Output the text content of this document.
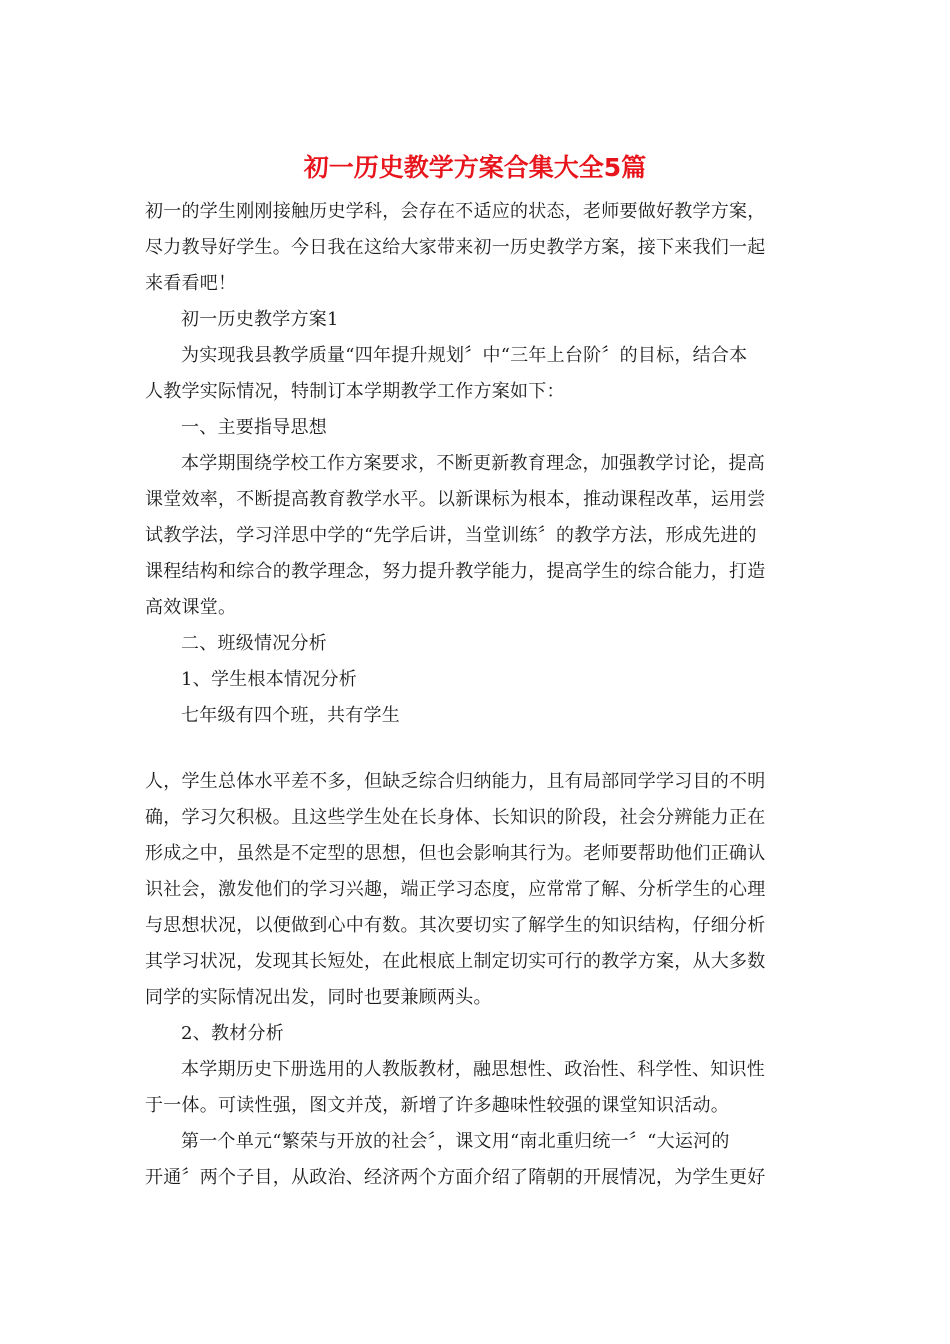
初一历史教学方案合集大全5篇
初一的学生刚刚接触历史学科，会存在不适应的状态，老师要做好教学方案，
尽力教导好学生。今日我在这给大家带来初一历史教学方案，接下来我们一起
来看看吧！
初一历史教学方案1
为实现我县教学质量“四年提升规划〞中“三年上台阶〞的目标，结合本
人教学实际情况，特制订本学期教学工作方案如下：
一、主要指导思想
本学期围绕学校工作方案要求，不断更新教育理念，加强教学讨论，提高
课堂效率，不断提高教育教学水平。以新课标为根本，推动课程改革，运用尝
试教学法，学习洋思中学的“先学后讲，当堂训练〞的教学方法，形成先进的
课程结构和综合的教学理念，努力提升教学能力，提高学生的综合能力，打造
高效课堂。
二、班级情况分析
1、学生根本情况分析
七年级有四个班，共有学生
人，学生总体水平差不多，但缺乏综合归纳能力，且有局部同学学习目的不明
确，学习欠积极。且这些学生处在长身体、长知识的阶段，社会分辨能力正在
形成之中，虽然是不定型的思想，但也会影响其行为。老师要帮助他们正确认
识社会，激发他们的学习兴趣，端正学习态度，应常常了解、分析学生的心理
与思想状况，以便做到心中有数。其次要切实了解学生的知识结构，仔细分析
其学习状况，发现其长短处，在此根底上制定切实可行的教学方案，从大多数
同学的实际情况出发，同时也要兼顾两头。
2、教材分析
本学期历史下册选用的人教版教材，融思想性、政治性、科学性、知识性
于一体。可读性强，图文并茂，新增了许多趣味性较强的课堂知识活动。
第一个单元“繁荣与开放的社会〞，课文用“南北重归统一〞“大运河的
开通〞两个子目，从政治、经济两个方面介绍了隋朝的开展情况，为学生更好
